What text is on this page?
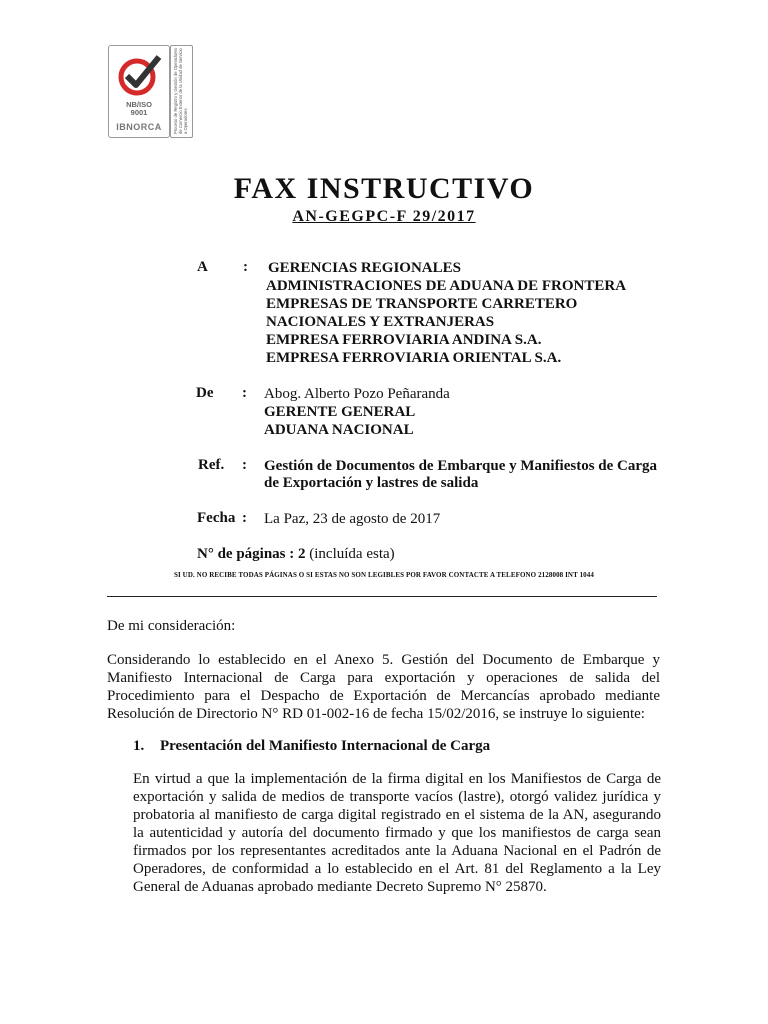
NB/ISO
9001
IBNORCA	Proceso de Registro y Gestión de Operadores de Comercio Exterior de la Unidad de Servicio a Operadores
FAX INSTRUCTIVO
AN-GEGPC-F 29/2017
A : GERENCIAS REGIONALES
ADMINISTRACIONES DE ADUANA DE FRONTERA
EMPRESAS DE TRANSPORTE CARRETERO
NACIONALES Y EXTRANJERAS
EMPRESA FERROVIARIA ANDINA S.A.
EMPRESA FERROVIARIA ORIENTAL S.A.
De : Abog. Alberto Pozo Peñaranda
GERENTE GENERAL
ADUANA NACIONAL
Ref. : Gestión de Documentos de Embarque y Manifiestos de Carga
de Exportación y lastres de salida
Fecha : La Paz, 23 de agosto de 2017
N° de páginas : 2 (incluída esta)
SI UD. NO RECIBE TODAS PÁGINAS O SI ESTAS NO SON LEGIBLES POR FAVOR CONTACTE A TELEFONO 2128008 INT 1044
De mi consideración:
Considerando lo establecido en el Anexo 5. Gestión del Documento de Embarque y Manifiesto Internacional de Carga para exportación y operaciones de salida del Procedimiento para el Despacho de Exportación de Mercancías aprobado mediante Resolución de Directorio N° RD 01-002-16 de fecha 15/02/2016, se instruye lo siguiente:
1. Presentación del Manifiesto Internacional de Carga
En virtud a que la implementación de la firma digital en los Manifiestos de Carga de exportación y salida de medios de transporte vacíos (lastre), otorgó validez jurídica y probatoria al manifiesto de carga digital registrado en el sistema de la AN, asegurando la autenticidad y autoría del documento firmado y que los manifiestos de carga sean firmados por los representantes acreditados ante la Aduana Nacional en el Padrón de Operadores, de conformidad a lo establecido en el Art. 81 del Reglamento a la Ley General de Aduanas aprobado mediante Decreto Supremo N° 25870.
